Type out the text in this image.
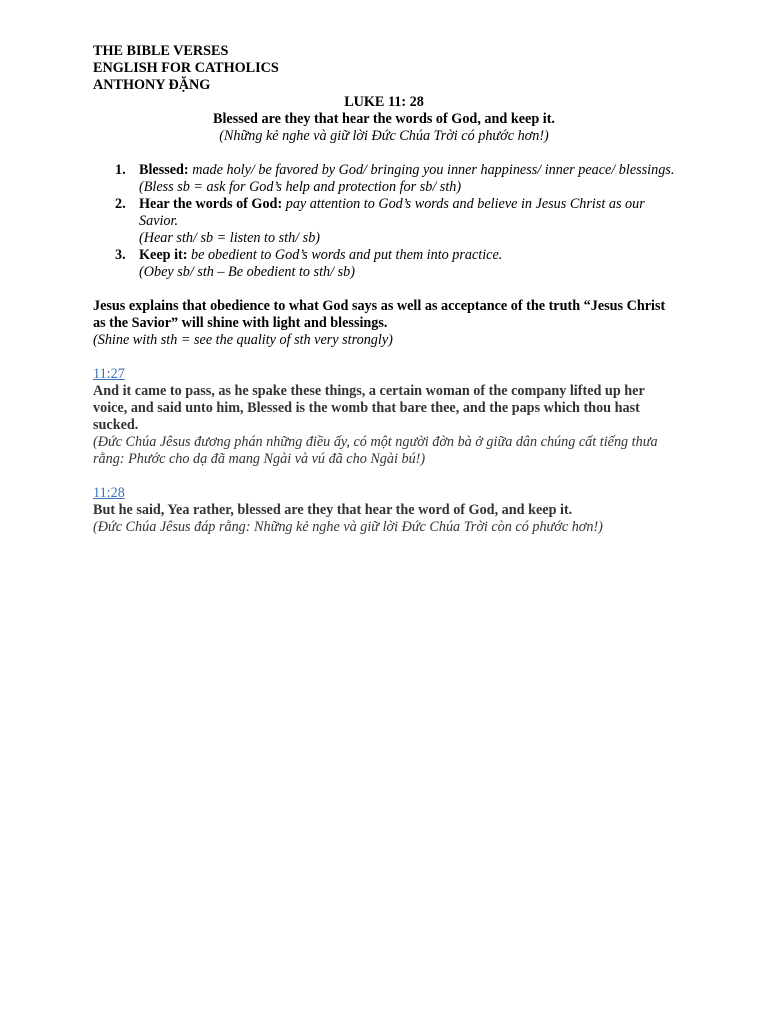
THE BIBLE VERSES
ENGLISH FOR CATHOLICS
ANTHONY ĐẶNG
LUKE 11: 28
Blessed are they that hear the words of God, and keep it.
(Những kẻ nghe và giữ lời Đức Chúa Trời có phước hơn!)
1. Blessed: made holy/ be favored by God/ bringing you inner happiness/ inner peace/ blessings.
(Bless sb = ask for God’s help and protection for sb/ sth)
2. Hear the words of God: pay attention to God’s words and believe in Jesus Christ as our Savior.
(Hear sth/ sb = listen to sth/ sb)
3. Keep it: be obedient to God’s words and put them into practice.
(Obey sb/ sth – Be obedient to sth/ sb)
Jesus explains that obedience to what God says as well as acceptance of the truth “Jesus Christ as the Savior” will shine with light and blessings.
(Shine with sth = see the quality of sth very strongly)
11:27
And it came to pass, as he spake these things, a certain woman of the company lifted up her voice, and said unto him, Blessed is the womb that bare thee, and the paps which thou hast sucked.
(Đức Chúa Jêsus đương phán những điều ấy, có một người đờn bà ở giữa dân chúng cất tiếng thưa rằng: Phước cho dạ đã mang Ngài và vú đã cho Ngài bú!)
11:28
But he said, Yea rather, blessed are they that hear the word of God, and keep it.
(Đức Chúa Jêsus đáp rằng: Những kẻ nghe và giữ lời Đức Chúa Trời còn có phước hơn!)
